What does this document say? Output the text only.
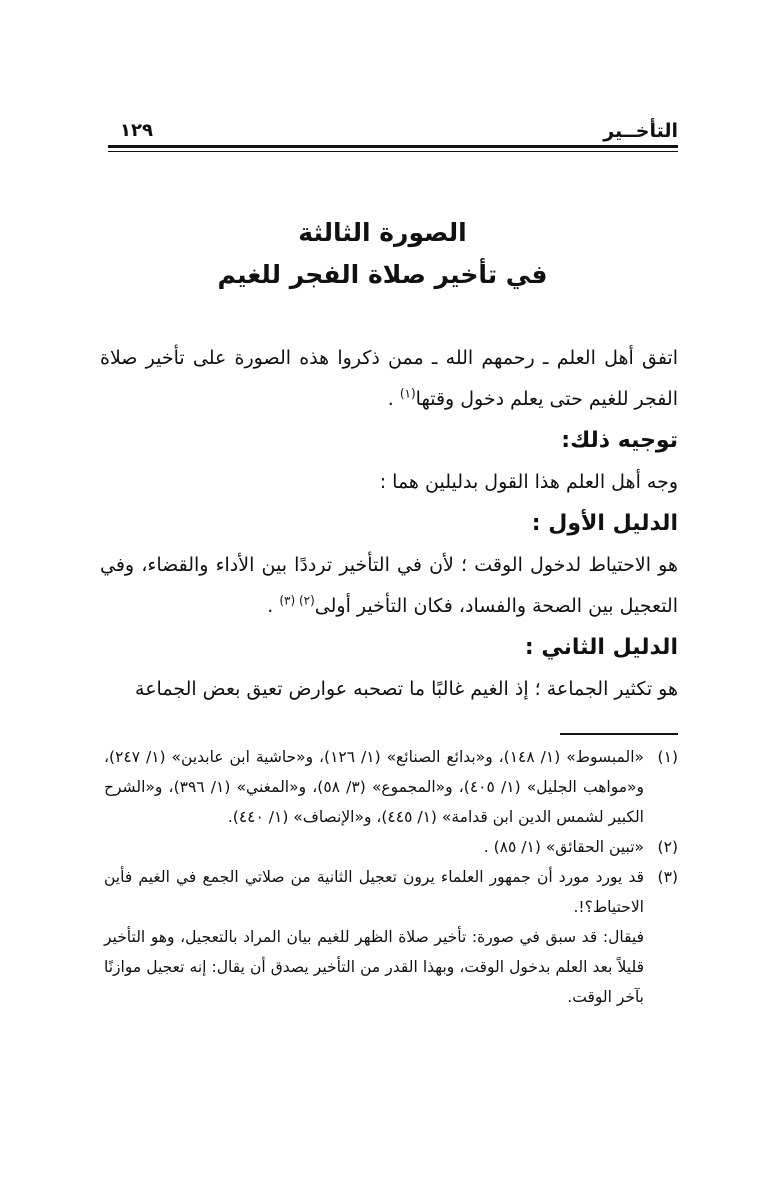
التأخــير
١٢٩
الصورة الثالثة
في تأخير صلاة الفجر للغيم

اتفق أهل العلم ـ رحمهم الله ـ ممن ذكروا هذه الصورة على تأخير صلاة الفجر للغيم حتى يعلم دخول وقتها$^{(١)}$ .

توجيه ذلك:

وجه أهل العلم هذا القول بدليلين هما :

الدليل الأول :

هو الاحتياط لدخول الوقت ؛ لأن في التأخير ترددًا بين الأداء والقضاء، وفي التعجيل بين الصحة والفساد، فكان التأخير أولى$^{(٢) (٣)}$ .

الدليل الثاني :

هو تكثير الجماعة ؛ إذ الغيم غالبًا ما تصحبه عوارض تعيق بعض الجماعة

(١)
«المبسوط» (١/ ١٤٨)، و«بدائع الصنائع» (١/ ١٢٦)، و«حاشية ابن عابدين» (١/ ٢٤٧)، و«مواهب الجليل» (١/ ٤٠٥)، و«المجموع» (٣/ ٥٨)، و«المغني» (١/ ٣٩٦)، و«الشرح الكبير لشمس الدين ابن قدامة» (١/ ٤٤٥)، و«الإنصاف» (١/ ٤٤٠).
(٢)
«تبين الحقائق» (١/ ٨٥) .
(٣)
قد يورد مورد أن جمهور العلماء يرون تعجيل الثانية من صلاتي الجمع في الغيم فأين الاحتياط؟!.

فيقال: قد سبق في صورة: تأخير صلاة الظهر للغيم بيان المراد بالتعجيل، وهو التأخير قليلاً بعد العلم بدخول الوقت، وبهذا القدر من التأخير يصدق أن يقال: إنه تعجيل موازنًا بآخر الوقت.
